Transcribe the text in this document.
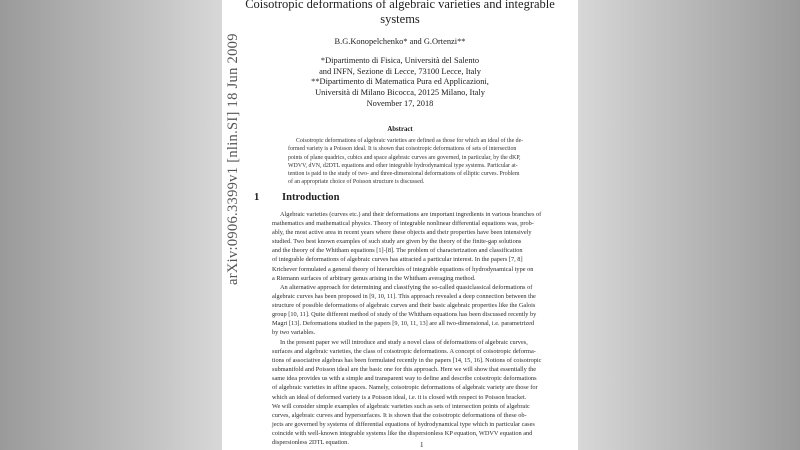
arXiv:0906.3399v1 [nlin.SI] 18 Jun 2009
Coisotropic deformations of algebraic varieties and integrable
systems
B.G.Konopelchenko* and G.Ortenzi**
*Dipartimento di Fisica, Università del Salento
and INFN, Sezione di Lecce, 73100 Lecce, Italy
**Dipartimento di Matematica Pura ed Applicazioni,
Università di Milano Bicocca, 20125 Milano, Italy
November 17, 2018
Abstract
Coisotropic deformations of algebraic varieties are defined as those for which an ideal of the de-
formed variety is a Poisson ideal. It is shown that coisotropic deformations of sets of intersection
points of plane quadrics, cubics and space algebraic curves are governed, in particular, by the dKP,
WDVV, dVN, d2DTL equations and other integrable hydrodynamical type systems. Particular at-
tention is paid to the study of two- and three-dimensional deformations of elliptic curves. Problem
of an appropriate choice of Poisson structure is discussed.
1 Introduction
Algebraic varieties (curves etc.) and their deformations are important ingredients in various branches of
mathematics and mathematical physics. Theory of integrable nonlinear differential equations was, prob-
ably, the most active area in recent years where these objects and their properties have been intensively
studied. Two best known examples of such study are given by the theory of the finite-gap solutions
and the theory of the Whitham equations [1]-[8]. The problem of characterization and classification
of integrable deformations of algebraic curves has attracted a particular interest. In the papers [7, 8]
Krichever formulated a general theory of hierarchies of integrable equations of hydrodynamical type on
a Riemann surfaces of arbitrary genus arising in the Whitham averaging method.
An alternative approach for determining and classifying the so-called quasiclassical deformations of
algebraic curves has been proposed in [9, 10, 11]. This approach revealed a deep connection between the
structure of possible deformations of algebraic curves and their basic algebraic properties like the Galois
group [10, 11]. Quite different method of study of the Whitham equations has been discussed recently by
Magri [13]. Deformations studied in the papers [9, 10, 11, 13] are all two-dimensional, i.e. parametrized
by two variables.
In the present paper we will introduce and study a novel class of deformations of algebraic curves,
surfaces and algebraic varieties, the class of coisotropic deformations. A concept of coisotropic deforma-
tions of associative algebras has been formulated recently in the papers [14, 15, 16]. Notions of coisotropic
submanifold and Poisson ideal are the basic one for this approach. Here we will show that essentially the
same idea provides us with a simple and transparent way to define and describe coisotropic deformations
of algebraic varieties in affine spaces. Namely, coisotropic deformations of algebraic variety are those for
which an ideal of deformed variety is a Poisson ideal, i.e. it is closed with respect to Poisson bracket.
We will consider simple examples of algebraic varieties such as sets of intersection points of algebraic
curves, algebraic curves and hypersurfaces. It is shown that the coisotropic deformations of these ob-
jects are governed by systems of differential equations of hydrodynamical type which in particular cases
coincide with well-known integrable systems like the dispersionless KP equation, WDVV equation and
dispersionless 2DTL equation.	1
